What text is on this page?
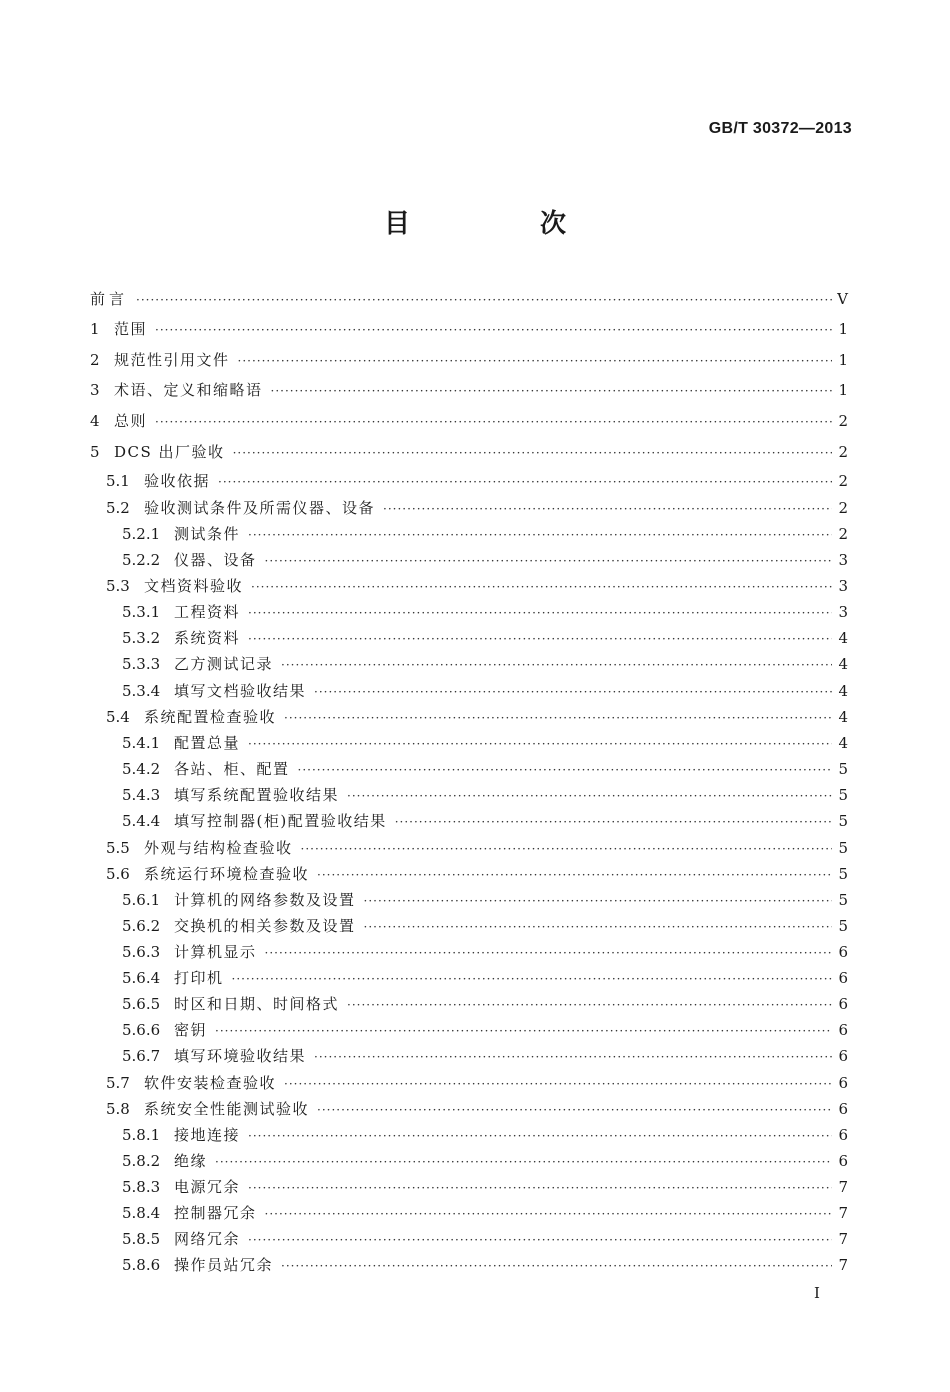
GB/T 30372—2013
目　次
前言 ·····	V
1 范围 ·····	1
2 规范性引用文件 ·····	1
3 术语、定义和缩略语 ·····	1
4 总则 ·····	2
5 DCS 出厂验收 ·····	2
5.1 验收依据 ·····	2
5.2 验收测试条件及所需仪器、设备 ·····	2
5.2.1 测试条件 ·····	2
5.2.2 仪器、设备 ·····	3
5.3 文档资料验收 ·····	3
5.3.1 工程资料 ·····	3
5.3.2 系统资料 ·····	4
5.3.3 乙方测试记录 ·····	4
5.3.4 填写文档验收结果 ·····	4
5.4 系统配置检查验收 ·····	4
5.4.1 配置总量 ·····	4
5.4.2 各站、柜、配置 ·····	5
5.4.3 填写系统配置验收结果 ·····	5
5.4.4 填写控制器(柜)配置验收结果 ·····	5
5.5 外观与结构检查验收 ·····	5
5.6 系统运行环境检查验收 ·····	5
5.6.1 计算机的网络参数及设置 ·····	5
5.6.2 交换机的相关参数及设置 ·····	5
5.6.3 计算机显示 ·····	6
5.6.4 打印机 ·····	6
5.6.5 时区和日期、时间格式 ·····	6
5.6.6 密钥 ·····	6
5.6.7 填写环境验收结果 ·····	6
5.7 软件安装检查验收 ·····	6
5.8 系统安全性能测试验收 ·····	6
5.8.1 接地连接 ·····	6
5.8.2 绝缘 ·····	6
5.8.3 电源冗余 ·····	7
5.8.4 控制器冗余 ·····	7
5.8.5 网络冗余 ·····	7
5.8.6 操作员站冗余 ·····	7
I
